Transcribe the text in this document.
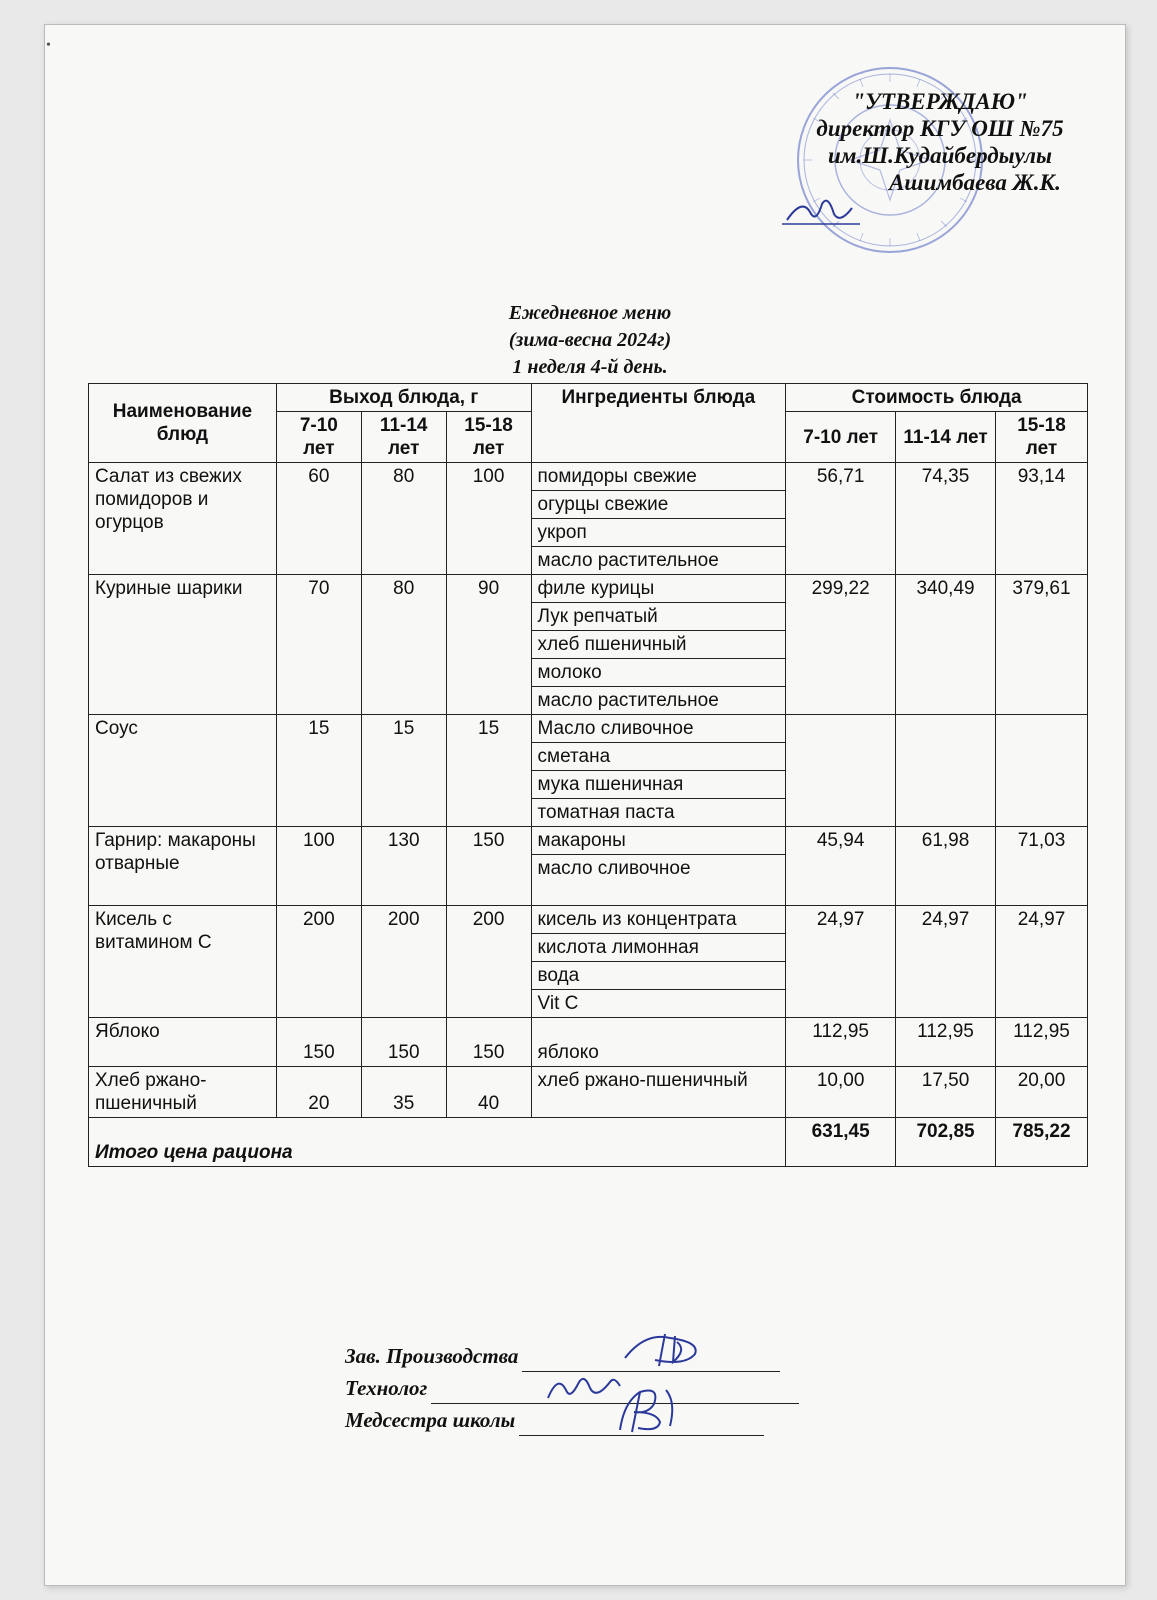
•
"УТВЕРЖДАЮ"
директор КГУ ОШ №75
им.Ш.Кудайбердыулы
Ашимбаева Ж.К.
Ежедневное меню
(зима-весна 2024г)
1 неделя 4-й день.
Наименование блюд	Выход блюда, г			Ингредиенты блюда	Стоимость блюда		
	7-10 лет	11-14 лет	15-18 лет		7-10 лет	11-14 лет	15-18 лет
Салат из свежих помидоров и огурцов	60	80	100	помидоры свежие	56,71	74,35	93,14
				огурцы свежие			
				укроп			
				масло растительное			
Куриные шарики	70	80	90	филе курицы	299,22	340,49	379,61
				Лук репчатый			
				хлеб пшеничный			
				молоко			
				масло растительное			
Соус	15	15	15	Масло сливочное			
				сметана			
				мука пшеничная			
				томатная паста			
Гарнир: макароны отварные	100	130	150	макароны	45,94	61,98	71,03
				масло сливочное			
Кисель с витамином С	200	200	200	кисель из концентрата	24,97	24,97	24,97
				кислота лимонная			
				вода			
				Vit C			
Яблоко	150	150	150	яблоко	112,95	112,95	112,95
Хлеб ржано-пшеничный	20	35	40	хлеб ржано-пшеничный	10,00	17,50	20,00
Итого цена рациона					631,45	702,85	785,22
Зав. Производства
Технолог
Медсестра школы
